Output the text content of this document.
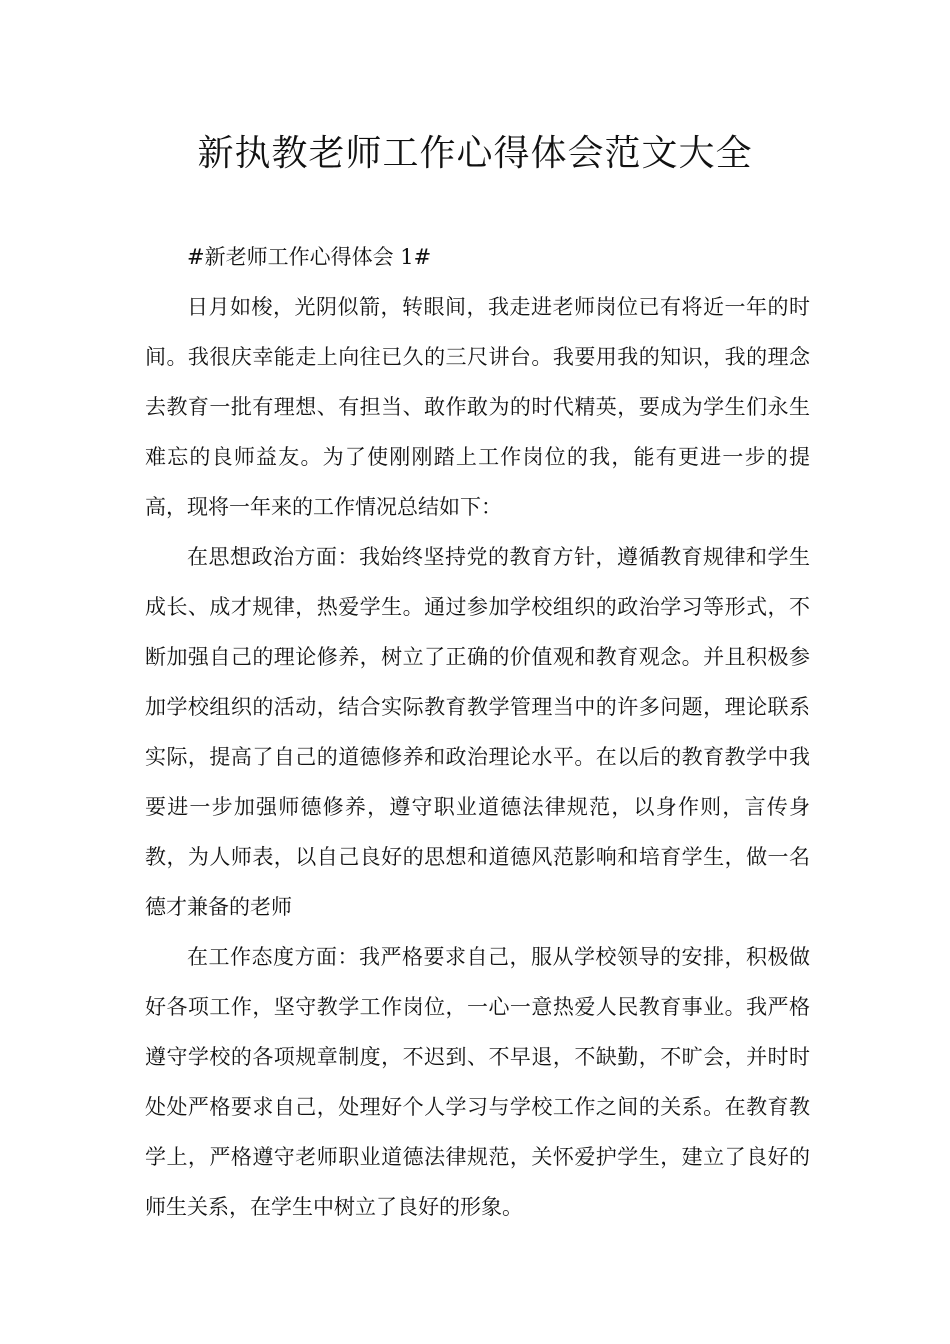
新执教老师工作心得体会范文大全

#新老师工作心得体会 1#

日月如梭，光阴似箭，转眼间，我走进老师岗位已有将近一年的时间。我很庆幸能走上向往已久的三尺讲台。我要用我的知识，我的理念去教育一批有理想、有担当、敢作敢为的时代精英，要成为学生们永生难忘的良师益友。为了使刚刚踏上工作岗位的我，能有更进一步的提高，现将一年来的工作情况总结如下：

在思想政治方面：我始终坚持党的教育方针，遵循教育规律和学生成长、成才规律，热爱学生。通过参加学校组织的政治学习等形式，不断加强自己的理论修养，树立了正确的价值观和教育观念。并且积极参加学校组织的活动，结合实际教育教学管理当中的许多问题，理论联系实际，提高了自己的道德修养和政治理论水平。在以后的教育教学中我要进一步加强师德修养，遵守职业道德法律规范，以身作则，言传身教，为人师表，以自己良好的思想和道德风范影响和培育学生，做一名德才兼备的老师

在工作态度方面：我严格要求自己，服从学校领导的安排，积极做好各项工作，坚守教学工作岗位，一心一意热爱人民教育事业。我严格遵守学校的各项规章制度，不迟到、不早退，不缺勤，不旷会，并时时处处严格要求自己，处理好个人学习与学校工作之间的关系。在教育教学上，严格遵守老师职业道德法律规范，关怀爱护学生，建立了良好的师生关系，在学生中树立了良好的形象。
